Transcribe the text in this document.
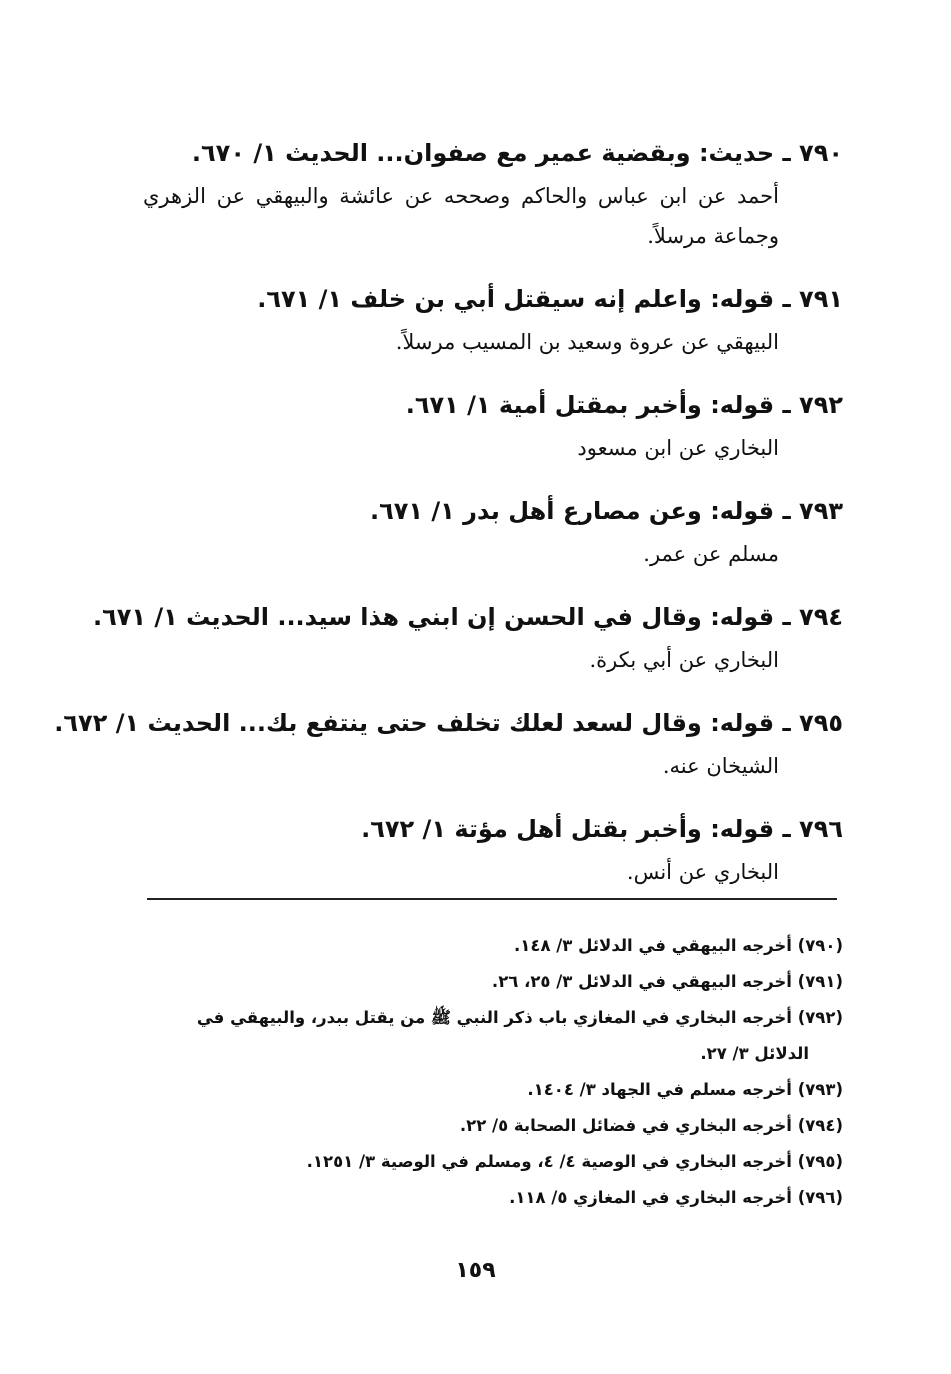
٧٩٠ ـ حديث: وبقضية عمير مع صفوان... الحديث ١/ ٦٧٠.
أحمد عن ابن عباس والحاكم وصححه عن عائشة والبيهقي عن الزهري وجماعة مرسلاً.
٧٩١ ـ قوله: واعلم إنه سيقتل أبي بن خلف ١/ ٦٧١.
البيهقي عن عروة وسعيد بن المسيب مرسلاً.
٧٩٢ ـ قوله: وأخبر بمقتل أمية ١/ ٦٧١.
البخاري عن ابن مسعود
٧٩٣ ـ قوله: وعن مصارع أهل بدر ١/ ٦٧١.
مسلم عن عمر.
٧٩٤ ـ قوله: وقال في الحسن إن ابني هذا سيد... الحديث ١/ ٦٧١.
البخاري عن أبي بكرة.
٧٩٥ ـ قوله: وقال لسعد لعلك تخلف حتى ينتفع بك... الحديث ١/ ٦٧٢.
الشيخان عنه.
٧٩٦ ـ قوله: وأخبر بقتل أهل مؤتة ١/ ٦٧٢.
البخاري عن أنس.
(٧٩٠) أخرجه البيهقي في الدلائل ٣/ ١٤٨.
(٧٩١) أخرجه البيهقي في الدلائل ٣/ ٢٥، ٢٦.
(٧٩٢) أخرجه البخاري في المغازي باب ذكر النبي ﷺ من يقتل ببدر، والبيهقي في
الدلائل ٣/ ٢٧.
(٧٩٣) أخرجه مسلم في الجهاد ٣/ ١٤٠٤.
(٧٩٤) أخرجه البخاري في فضائل الصحابة ٥/ ٢٢.
(٧٩٥) أخرجه البخاري في الوصية ٤/ ٤، ومسلم في الوصية ٣/ ١٢٥١.
(٧٩٦) أخرجه البخاري في المغازي ٥/ ١١٨.
١٥٩
